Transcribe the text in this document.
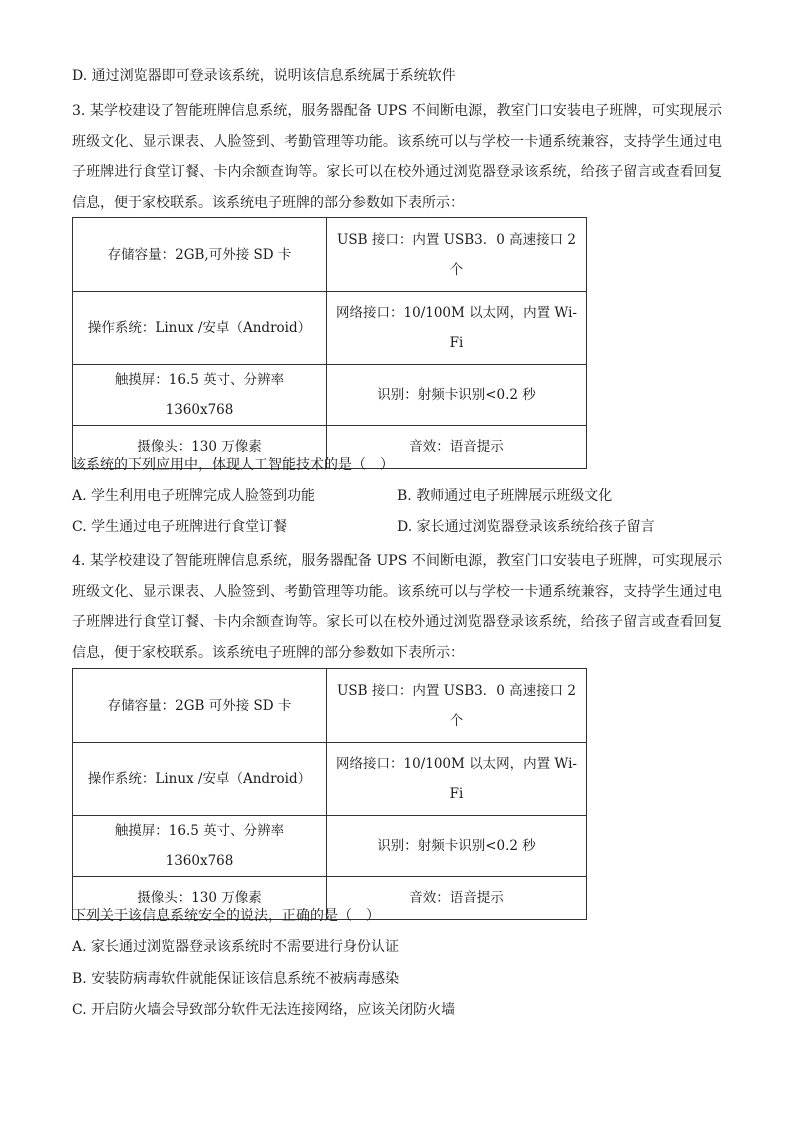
D. 通过浏览器即可登录该系统，说明该信息系统属于系统软件
3. 某学校建设了智能班牌信息系统，服务器配备 UPS 不间断电源，教室门口安装电子班牌，可实现展示班级文化、显示课表、人脸签到、考勤管理等功能。该系统可以与学校一卡通系统兼容，支持学生通过电子班牌进行食堂订餐、卡内余额查询等。家长可以在校外通过浏览器登录该系统，给孩子留言或查看回复信息，便于家校联系。该系统电子班牌的部分参数如下表所示：
存储容量：2GB,可外接 SD 卡	USB 接口：内置 USB3．0 高速接口 2 个
操作系统：Linux /安卓（Android）	网络接口：10/100M 以太网，内置 Wi-Fi
触摸屏：16.5 英寸、分辨率 1360x768	识别：射频卡识别<0.2 秒
摄像头：130 万像素	音效：语音提示
该系统的下列应用中，体现人工智能技术的是（　）
A. 学生利用电子班牌完成人脸签到功能	B. 教师通过电子班牌展示班级文化
C. 学生通过电子班牌进行食堂订餐	D. 家长通过浏览器登录该系统给孩子留言
4. 某学校建设了智能班牌信息系统，服务器配备 UPS 不间断电源，教室门口安装电子班牌，可实现展示班级文化、显示课表、人脸签到、考勤管理等功能。该系统可以与学校一卡通系统兼容，支持学生通过电子班牌进行食堂订餐、卡内余额查询等。家长可以在校外通过浏览器登录该系统，给孩子留言或查看回复信息，便于家校联系。该系统电子班牌的部分参数如下表所示：
存储容量：2GB 可外接 SD 卡	USB 接口：内置 USB3．0 高速接口 2 个
操作系统：Linux /安卓（Android）	网络接口：10/100M 以太网，内置 Wi-Fi
触摸屏：16.5 英寸、分辨率 1360x768	识别：射频卡识别<0.2 秒
摄像头：130 万像素	音效：语音提示
下列关于该信息系统安全的说法，正确的是（　）
A. 家长通过浏览器登录该系统时不需要进行身份认证
B. 安装防病毒软件就能保证该信息系统不被病毒感染
C. 开启防火墙会导致部分软件无法连接网络，应该关闭防火墙
